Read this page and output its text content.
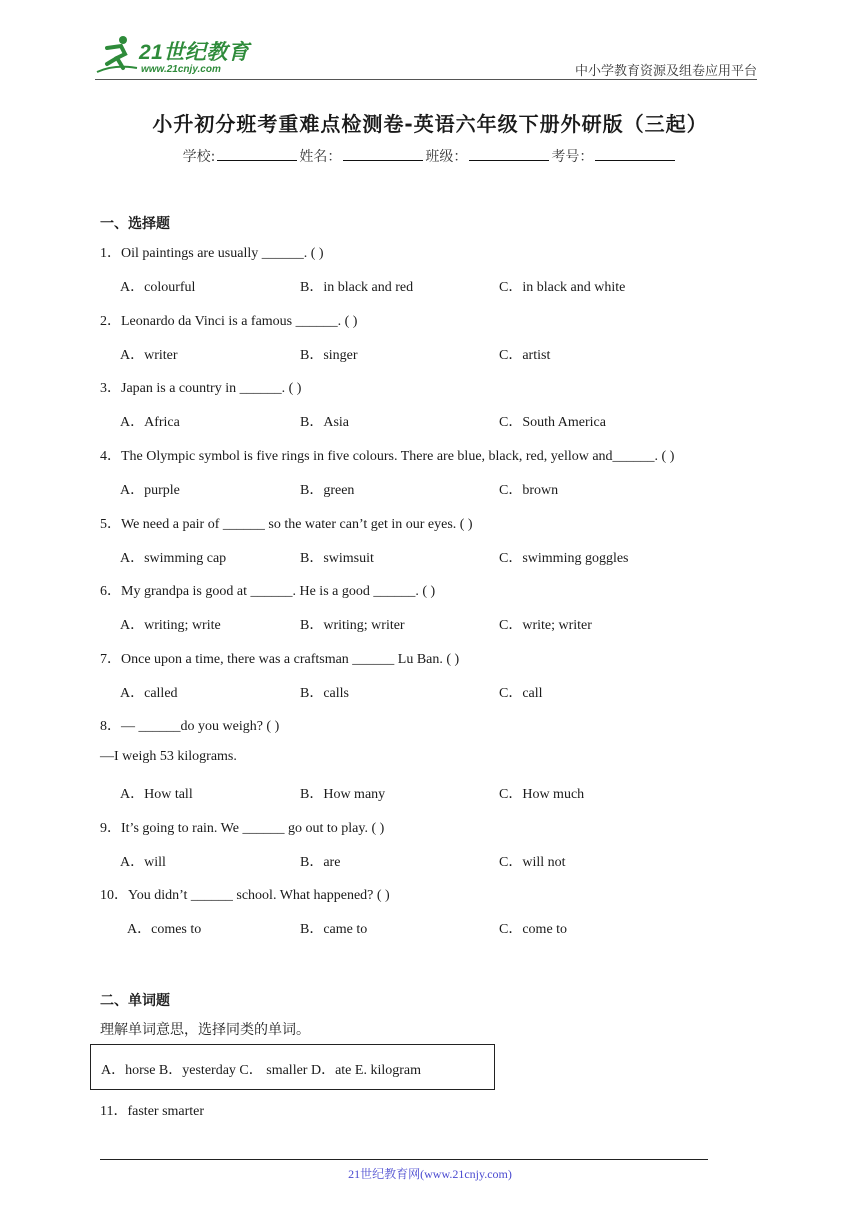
21世纪教育
www.21cnjy.com	中小学教育资源及组卷应用平台
小升初分班考重难点检测卷-英语六年级下册外研版（三起）
学校:	姓名：	班级：	考号：
一、选择题
1．Oil paintings are usually ______. ( )
A．colourful	B．in black and red	C．in black and white
2．Leonardo da Vinci is a famous ______. ( )
A．writer	B．singer	C．artist
3．Japan is a country in ______. ( )
A．Africa	B．Asia	C．South America
4．The Olympic symbol is five rings in five colours. There are blue, black, red, yellow and______. ( )
A．purple	B．green	C．brown
5．We need a pair of ______ so the water can’t get in our eyes. ( )
A．swimming cap	B．swimsuit	C．swimming goggles
6．My grandpa is good at ______. He is a good ______. ( )
A．writing; write	B．writing; writer	C．write; writer
7．Once upon a time, there was a craftsman ______ Lu Ban. ( )
A．called	B．calls	C．call
8．— ______do you weigh? ( )
—I weigh 53 kilograms.
A．How tall	B．How many	C．How much
9．It’s going to rain. We ______ go out to play. ( )
A．will	B．are	C．will not
10．You didn’t ______ school. What happened? ( )
A．comes to	B．came to	C．come to
二、单词题
理解单词意思，选择同类的单词。
A．horse B．yesterday C． smaller D．ate E. kilogram
11．faster smarter
21世纪教育网(www.21cnjy.com)
